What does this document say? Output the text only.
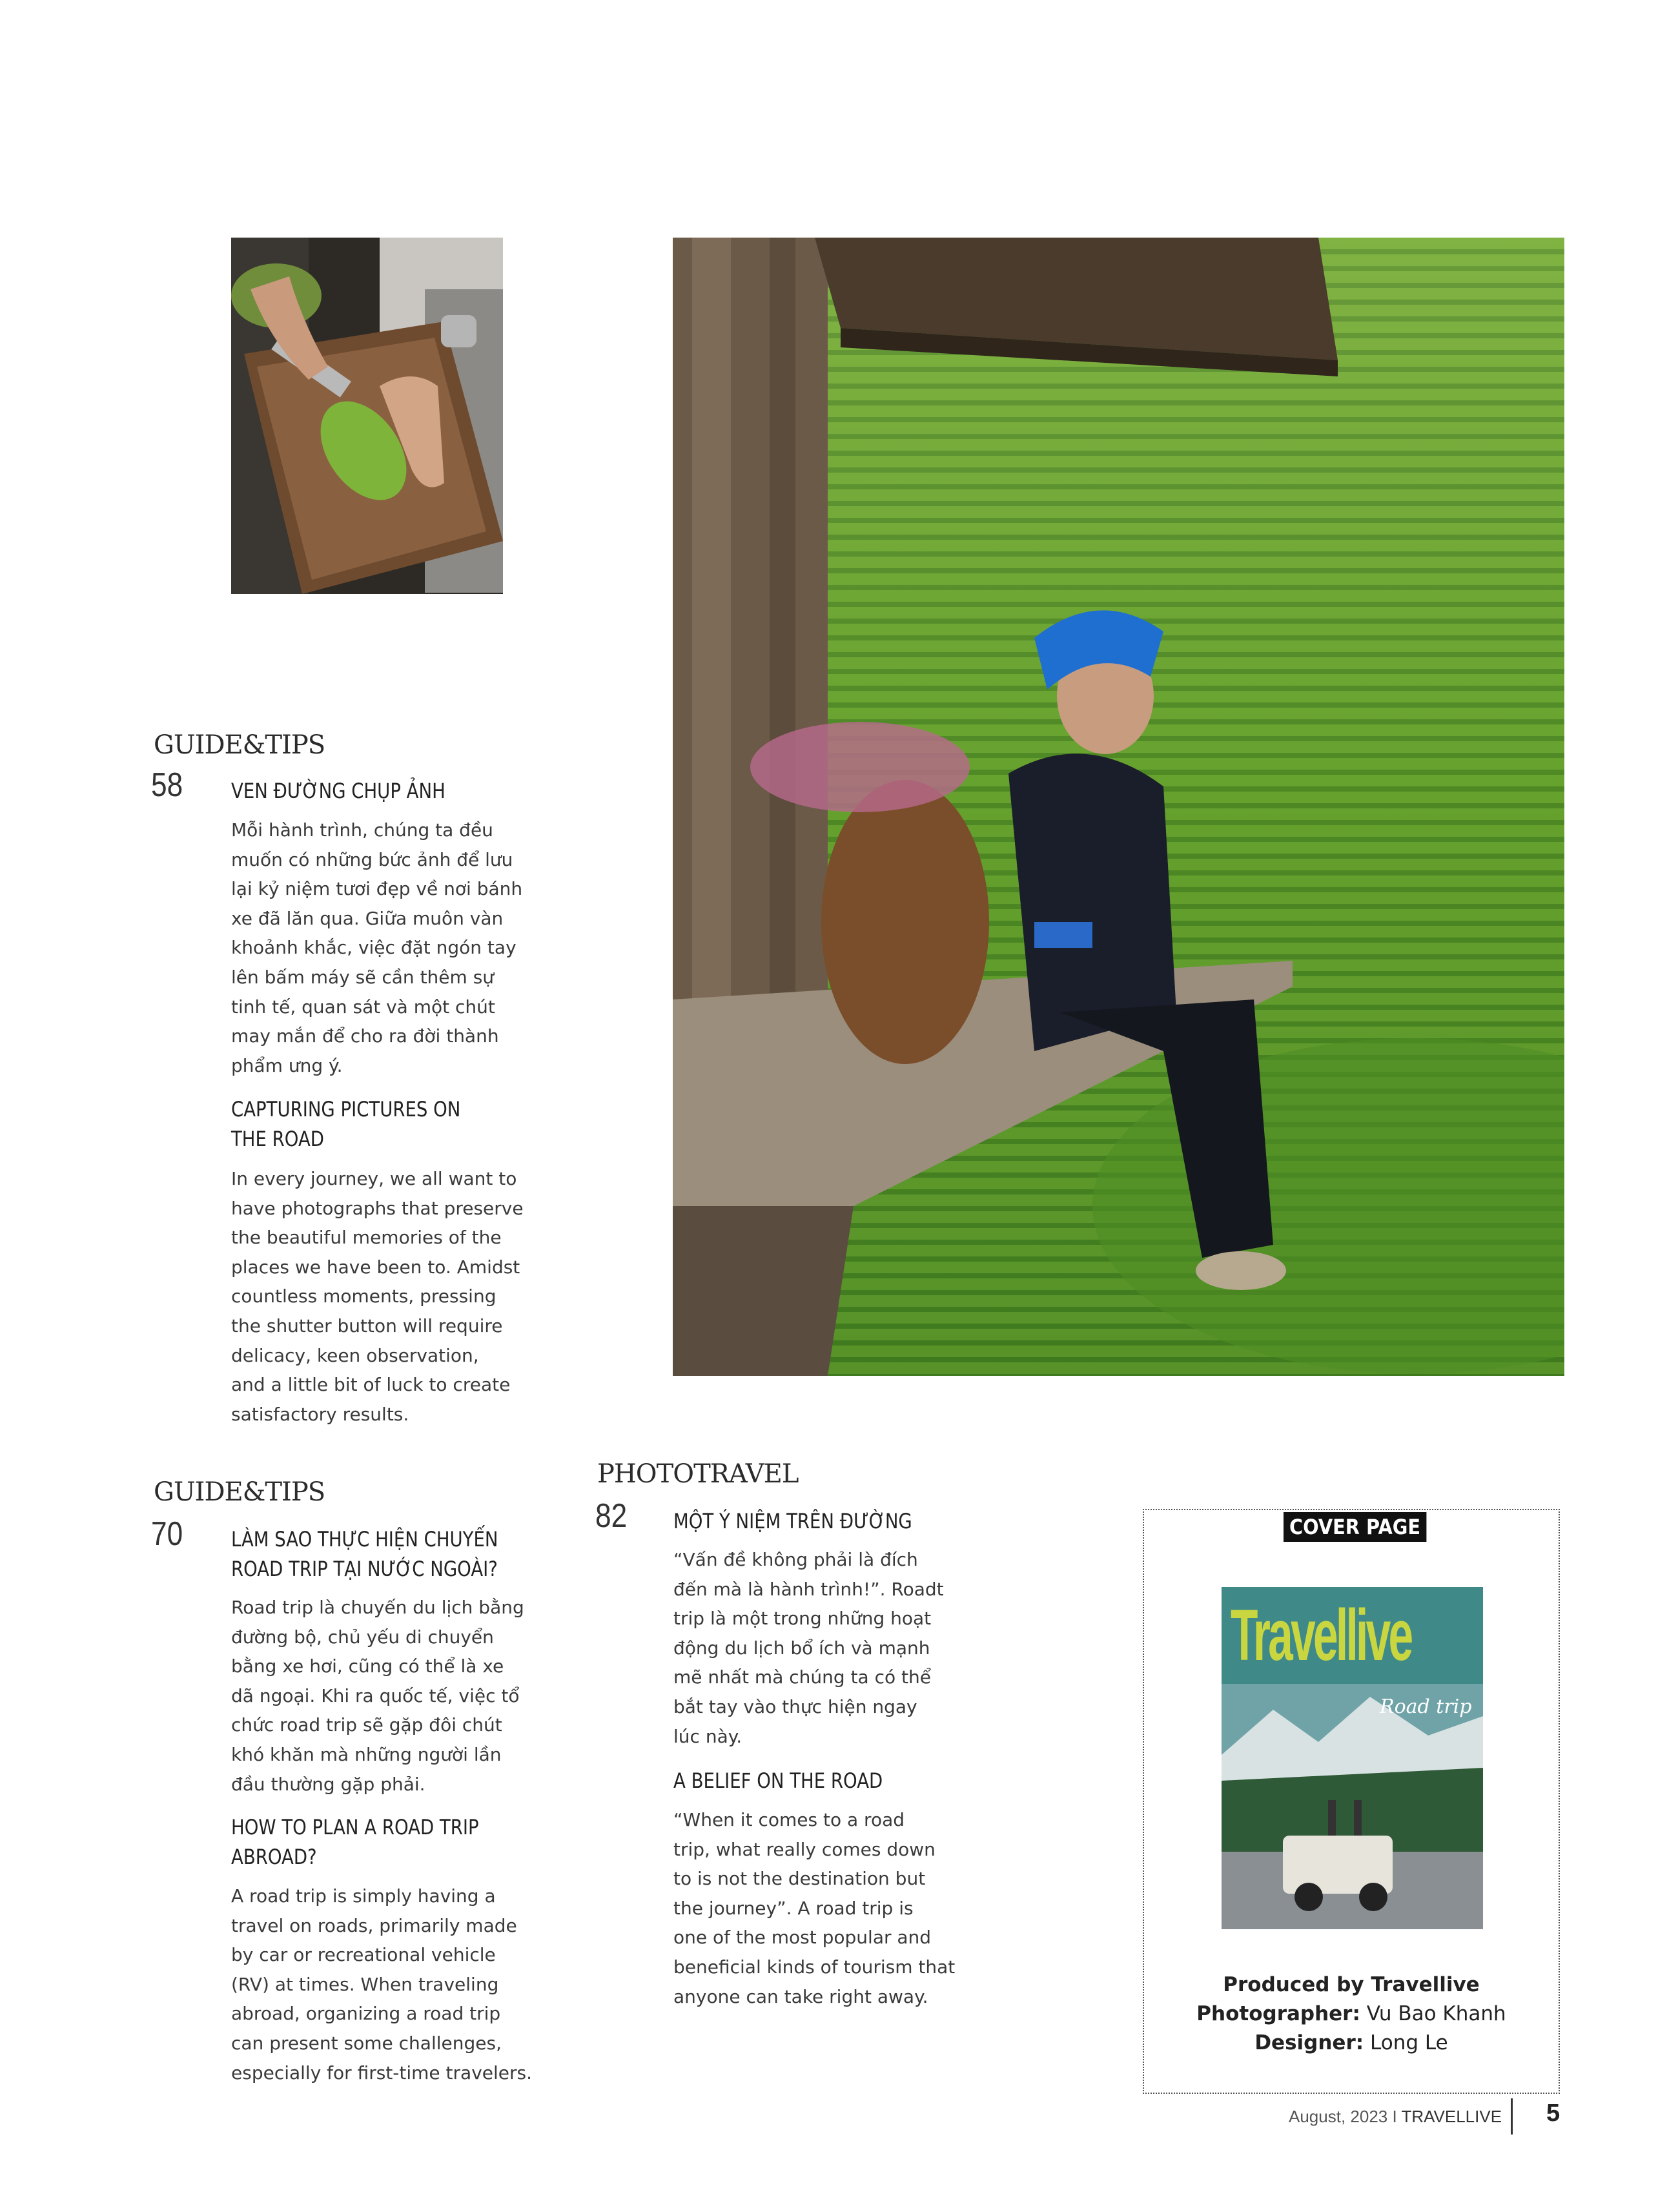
GUIDE&TIPS
58 VEN ĐƯỜNG CHỤP ẢNH
Mỗi hành trình, chúng ta đều
muốn có những bức ảnh để lưu
lại kỷ niệm tươi đẹp về nơi bánh
xe đã lăn qua. Giữa muôn vàn
khoảnh khắc, việc đặt ngón tay
lên bấm máy sẽ cần thêm sự
tinh tế, quan sát và một chút
may mắn để cho ra đời thành
phẩm ưng ý.
CAPTURING PICTURES ON
THE ROAD
In every journey, we all want to
have photographs that preserve
the beautiful memories of the
places we have been to. Amidst
countless moments, pressing
the shutter button will require
delicacy, keen observation,
and a little bit of luck to create
satisfactory results.
GUIDE&TIPS
70 LÀM SAO THỰC HIỆN CHUYẾN
ROAD TRIP TẠI NƯỚC NGOÀI?
Road trip là chuyến du lịch bằng
đường bộ, chủ yếu di chuyển
bằng xe hơi, cũng có thể là xe
dã ngoại. Khi ra quốc tế, việc tổ
chức road trip sẽ gặp đôi chút
khó khăn mà những người lần
đầu thường gặp phải.
HOW TO PLAN A ROAD TRIP
ABROAD?
A road trip is simply having a
travel on roads, primarily made
by car or recreational vehicle
(RV) at times. When traveling
abroad, organizing a road trip
can present some challenges,
especially for first-time travelers.
PHOTOTRAVEL
82 MỘT Ý NIỆM TRÊN ĐƯỜNG
“Vấn đề không phải là đích
đến mà là hành trình!”. Roadt
trip là một trong những hoạt
động du lịch bổ ích và mạnh
mẽ nhất mà chúng ta có thể
bắt tay vào thực hiện ngay
lúc này.
A BELIEF ON THE ROAD
“When it comes to a road
trip, what really comes down
to is not the destination but
the journey”. A road trip is
one of the most popular and
beneficial kinds of tourism that
anyone can take right away.
COVER PAGE
Travellive
Road trip
Produced by Travellive
Photographer: Vu Bao Khanh
Designer: Long Le
August, 2023 I TRAVELLIVE 5
